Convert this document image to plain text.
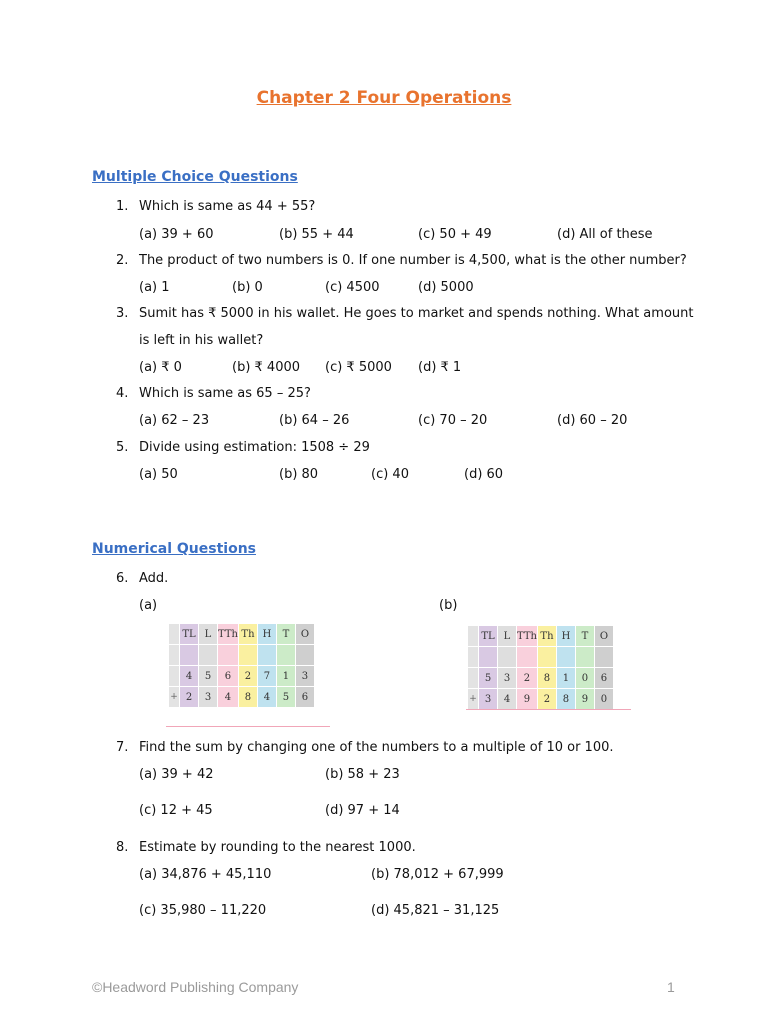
Chapter 2 Four Operations
Multiple Choice Questions
1. Which is same as 44 + 55?
(a) 39 + 60	(b) 55 + 44	(c) 50 + 49	(d) All of these
2. The product of two numbers is 0. If one number is 4,500, what is the other number?
(a) 1	(b) 0	(c) 4500	(d) 5000
3. Sumit has ₹ 5000 in his wallet. He goes to market and spends nothing. What amount
is left in his wallet?
(a) ₹ 0	(b) ₹ 4000 (c) ₹ 5000 (d) ₹ 1
4. Which is same as 65 – 25?
(a) 62 – 23	(b) 64 – 26	(c) 70 – 20	(d) 60 – 20
5. Divide using estimation: 1508 ÷ 29
(a) 50	(b) 80	(c) 40	(d) 60
Numerical Questions
6. Add.
(a)	(b)
	TL	L	TTh	Th	H	T	O

	4	5	6	2	7	1	3
+	2	3	4	8	4	5	6
	TL	L	TTh	Th	H	T	O

	5	3	2	8	1	0	6
+	3	4	9	2	8	9	0
7. Find the sum by changing one of the numbers to a multiple of 10 or 100.
(a) 39 + 42	(b) 58 + 23
(c) 12 + 45	(d) 97 + 14
8. Estimate by rounding to the nearest 1000.
(a) 34,876 + 45,110	(b) 78,012 + 67,999
(c) 35,980 – 11,220	(d) 45,821 – 31,125
©Headword Publishing Company	1
